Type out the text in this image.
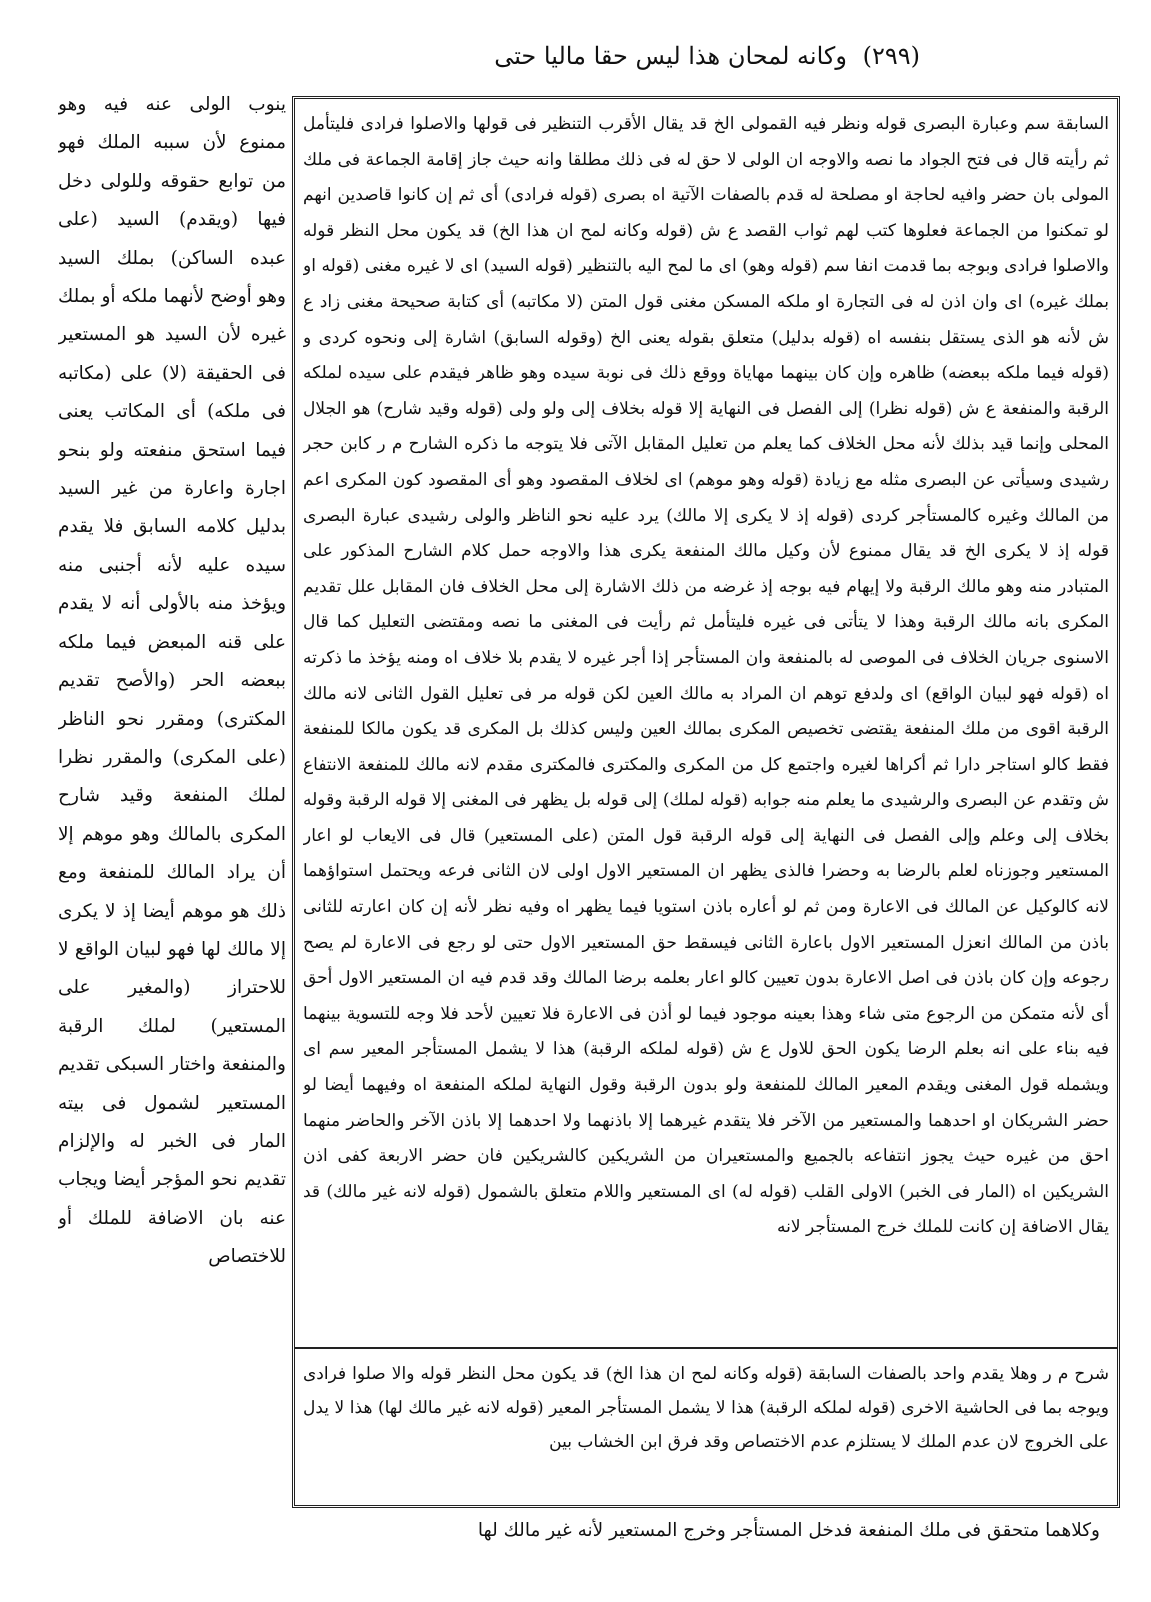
(٢٩٩) وكانه لمحان هذا ليس حقا ماليا حتى
ينوب الولى عنه فيه وهو ممنوع لأن سببه الملك فهو من توابع حقوقه وللولى دخل فيها (ويقدم) السيد (على عبده الساكن) بملك السيد وهو أوضح لأنهما ملكه أو بملك غيره لأن السيد هو المستعير فى الحقيقة (لا) على (مكاتبه فى ملكه) أى المكاتب يعنى فيما استحق منفعته ولو بنحو اجارة واعارة من غير السيد بدليل كلامه السابق فلا يقدم سيده عليه لأنه أجنبى منه ويؤخذ منه بالأولى أنه لا يقدم على قنه المبعض فيما ملكه ببعضه الحر (والأصح تقديم المكترى) ومقرر نحو الناظر (على المكرى) والمقرر نظرا لملك المنفعة وقيد شارح المكرى بالمالك وهو موهم إلا أن يراد المالك للمنفعة ومع ذلك هو موهم أيضا إذ لا يكرى إلا مالك لها فهو لبيان الواقع لا للاحتراز (والمغير على المستعير) لملك الرقبة والمنفعة واختار السبكى تقديم المستعير لشمول فى بيته المار فى الخبر له والإلزام تقديم نحو المؤجر أيضا ويجاب عنه بان الاضافة للملك أو للاختصاص
السابقة سم وعبارة البصرى قوله ونظر فيه القمولى الخ قد يقال الأقرب التنظير فى قولها والاصلوا فرادى فليتأمل ثم رأيته قال فى فتح الجواد ما نصه والاوجه ان الولى لا حق له فى ذلك مطلقا وانه حيث جاز إقامة الجماعة فى ملك المولى بان حضر وافيه لحاجة او مصلحة له قدم بالصفات الآتية اه بصرى (قوله فرادى) أى ثم إن كانوا قاصدين انهم لو تمكنوا من الجماعة فعلوها كتب لهم ثواب القصد ع ش (قوله وكانه لمح ان هذا الخ) قد يكون محل النظر قوله والاصلوا فرادى وبوجه بما قدمت انفا سم (قوله وهو) اى ما لمح اليه بالتنظير (قوله السيد) اى لا غيره مغنى (قوله او بملك غيره) اى وان اذن له فى التجارة او ملكه المسكن مغنى قول المتن (لا مكاتبه) أى كتابة صحيحة مغنى زاد ع ش لأنه هو الذى يستقل بنفسه اه (قوله بدليل) متعلق بقوله يعنى الخ (وقوله السابق) اشارة إلى ونحوه كردى و (قوله فيما ملكه ببعضه) ظاهره وإن كان بينهما مهاياة ووقع ذلك فى نوبة سيده وهو ظاهر فيقدم على سيده لملكه الرقبة والمنفعة ع ش (قوله نظرا) إلى الفصل فى النهاية إلا قوله بخلاف إلى ولو ولى (قوله وقيد شارح) هو الجلال المحلى وإنما قيد بذلك لأنه محل الخلاف كما يعلم من تعليل المقابل الآتى فلا يتوجه ما ذكره الشارح م ر كابن حجر رشيدى وسيأتى عن البصرى مثله مع زيادة (قوله وهو موهم) اى لخلاف المقصود وهو أى المقصود كون المكرى اعم من المالك وغيره كالمستأجر كردى (قوله إذ لا يكرى إلا مالك) يرد عليه نحو الناظر والولى رشيدى عبارة البصرى قوله إذ لا يكرى الخ قد يقال ممنوع لأن وكيل مالك المنفعة يكرى هذا والاوجه حمل كلام الشارح المذكور على المتبادر منه وهو مالك الرقبة ولا إيهام فيه بوجه إذ غرضه من ذلك الاشارة إلى محل الخلاف فان المقابل علل تقديم المكرى بانه مالك الرقبة وهذا لا يتأتى فى غيره فليتأمل ثم رأيت فى المغنى ما نصه ومقتضى التعليل كما قال الاسنوى جريان الخلاف فى الموصى له بالمنفعة وان المستأجر إذا أجر غيره لا يقدم بلا خلاف اه ومنه يؤخذ ما ذكرته اه (قوله فهو لبيان الواقع) اى ولدفع توهم ان المراد به مالك العين لكن قوله مر فى تعليل القول الثانى لانه مالك الرقبة اقوى من ملك المنفعة يقتضى تخصيص المكرى بمالك العين وليس كذلك بل المكرى قد يكون مالكا للمنفعة فقط كالو استاجر دارا ثم أكراها لغيره واجتمع كل من المكرى والمكترى فالمكترى مقدم لانه مالك للمنفعة الانتفاع ش وتقدم عن البصرى والرشيدى ما يعلم منه جوابه (قوله لملك) إلى قوله بل يظهر فى المغنى إلا قوله الرقبة وقوله بخلاف إلى وعلم وإلى الفصل فى النهاية إلى قوله الرقبة قول المتن (على المستعير) قال فى الايعاب لو اعار المستعير وجوزناه لعلم بالرضا به وحضرا فالذى يظهر ان المستعير الاول اولى لان الثانى فرعه ويحتمل استواؤهما لانه كالوكيل عن المالك فى الاعارة ومن ثم لو أعاره باذن استويا فيما يظهر اه وفيه نظر لأنه إن كان اعارته للثانى باذن من المالك انعزل المستعير الاول باعارة الثانى فيسقط حق المستعير الاول حتى لو رجع فى الاعارة لم يصح رجوعه وإن كان باذن فى اصل الاعارة بدون تعيين كالو اعار بعلمه برضا المالك وقد قدم فيه ان المستعير الاول أحق أى لأنه متمكن من الرجوع متى شاء وهذا بعينه موجود فيما لو أذن فى الاعارة فلا تعيين لأحد فلا وجه للتسوية بينهما فيه بناء على انه بعلم الرضا يكون الحق للاول ع ش (قوله لملكه الرقبة) هذا لا يشمل المستأجر المعير سم اى ويشمله قول المغنى ويقدم المعير المالك للمنفعة ولو بدون الرقبة وقول النهاية لملكه المنفعة اه وفيهما أيضا لو حضر الشريكان او احدهما والمستعير من الآخر فلا يتقدم غيرهما إلا باذنهما ولا احدهما إلا باذن الآخر والحاضر منهما احق من غيره حيث يجوز انتفاعه بالجميع والمستعيران من الشريكين كالشريكين فان حضر الاربعة كفى اذن الشريكين اه (المار فى الخبر) الاولى القلب (قوله له) اى المستعير واللام متعلق بالشمول (قوله لانه غير مالك) قد يقال الاضافة إن كانت للملك خرج المستأجر لانه
شرح م ر وهلا يقدم واحد بالصفات السابقة (قوله وكانه لمح ان هذا الخ) قد يكون محل النظر قوله والا صلوا فرادى ويوجه بما فى الحاشية الاخرى (قوله لملكه الرقبة) هذا لا يشمل المستأجر المعير (قوله لانه غير مالك لها) هذا لا يدل على الخروج لان عدم الملك لا يستلزم عدم الاختصاص وقد فرق ابن الخشاب بين
وكلاهما متحقق فى ملك المنفعة فدخل المستأجر وخرج المستعير لأنه غير مالك لها
